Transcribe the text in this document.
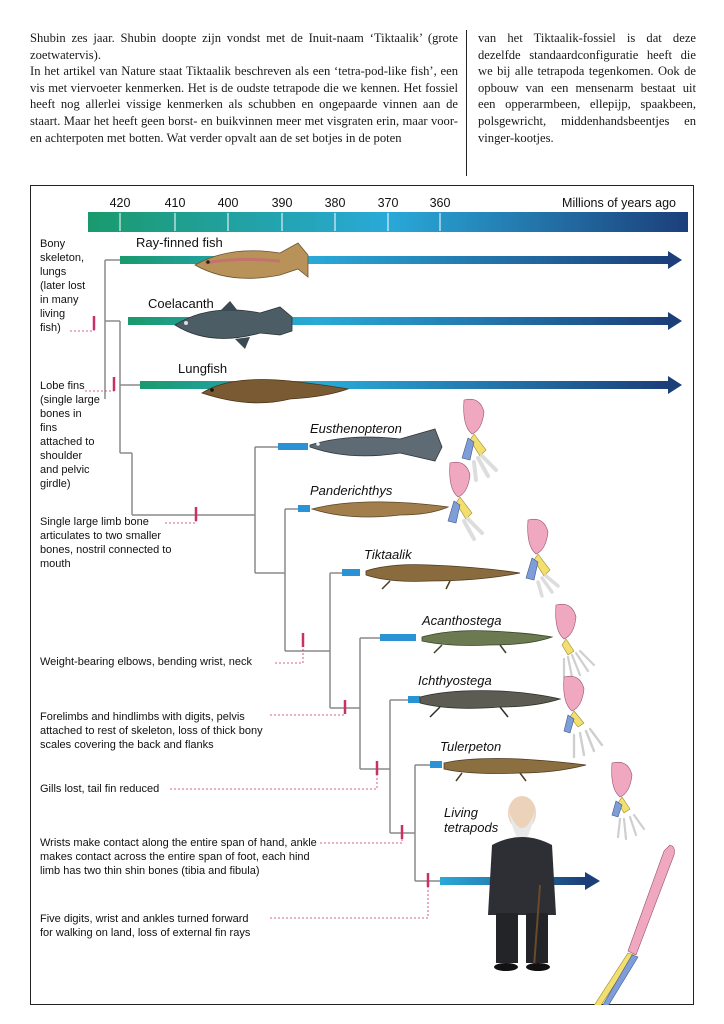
Shubin zes jaar. Shubin doopte zijn vondst met de Inuit-naam ‘Tiktaalik’ (grote zoetwatervis).

In het artikel van Nature staat Tiktaalik beschreven als een ‘tetra-pod-like fish’, een vis met viervoeter kenmerken. Het is de oudste tetrapode die we kennen. Het fossiel heeft nog allerlei vissige kenmerken als schubben en ongepaarde vinnen aan de staart. Maar het heeft geen borst- en buikvinnen meer met visgraten erin, maar voor- en achterpoten met botten. Wat verder opvalt aan de set botjes in de poten

van het Tiktaalik-fossiel is dat deze dezelfde standaardconfiguratie heeft die we bij alle tetrapoda tegenkomen. Ook de opbouw van een mensenarm bestaat uit een opperarmbeen, ellepijp, spaakbeen, polsgewricht, middenhandsbeentjes en vinger-kootjes.

420	410	400	390	380	370 360	Millions of years ago
Ray-finned fish
Coelacanth
Lungfish
Eusthenopteron
Panderichthys
Tiktaalik
Acanthostega
Ichthyostega
Tulerpeton
Living tetrapods
Bony skeleton, lungs (later lost in many living fish)
Lobe fins (single large bones in fins attached to shoulder and pelvic girdle)
Single large limb bone articulates to two smaller bones, nostril connected to mouth
Weight-bearing elbows, bending wrist, neck
Forelimbs and hindlimbs with digits, pelvis attached to rest of skeleton, loss of thick bony scales covering the back and flanks
Gills lost, tail fin reduced
Wrists make contact along the entire span of hand, ankle makes contact across the entire span of foot, each hind limb has two thin shin bones (tibia and fibula)
Five digits, wrist and ankles turned forward for walking on land, loss of external fin rays
